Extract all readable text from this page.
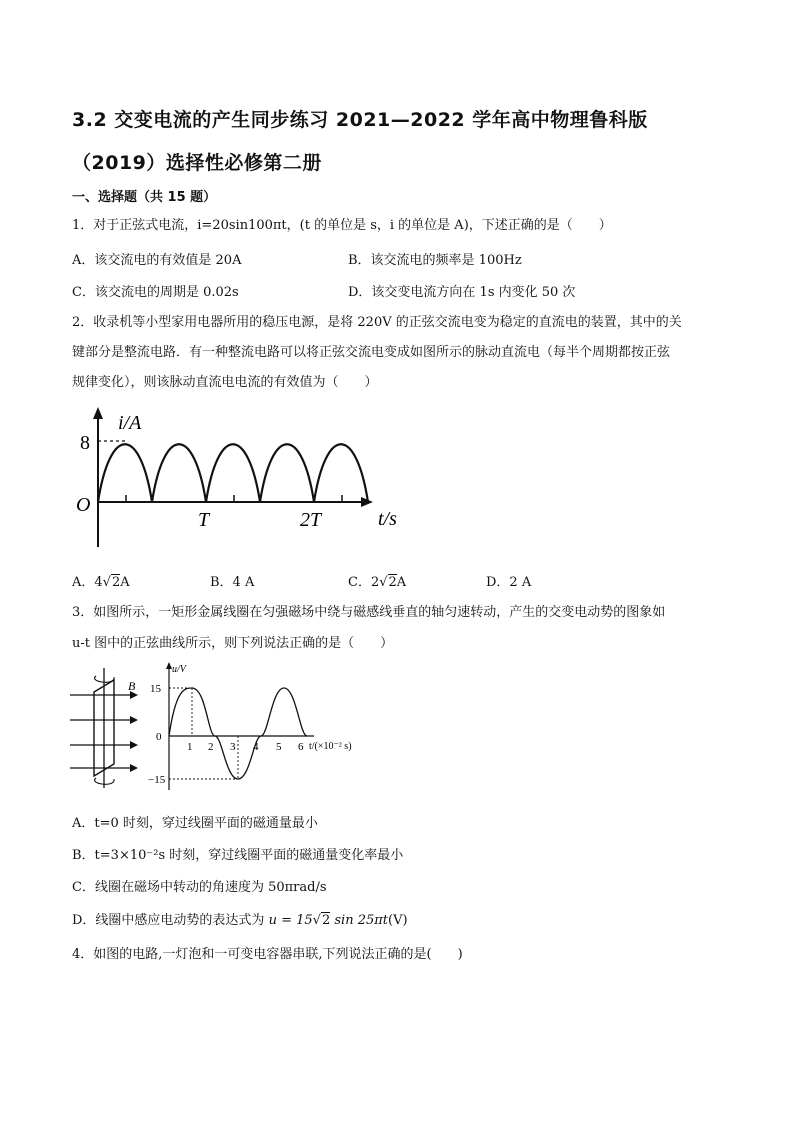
3.2 交变电流的产生同步练习 2021—2022 学年高中物理鲁科版
（2019）选择性必修第二册
一、选择题（共 15 题）
1．对于正弦式电流，i=20sin100πt，(t 的单位是 s，i 的单位是 A)，下述正确的是（　　）
A．该交流电的有效值是 20A	B．该交流电的频率是 100Hz
C．该交流电的周期是 0.02s	D．该交变电流方向在 1s 内变化 50 次
2．收录机等小型家用电器所用的稳压电源，是将 220V 的正弦交流电变为稳定的直流电的装置，其中的关
键部分是整流电路．有一种整流电路可以将正弦交流电变成如图所示的脉动直流电（每半个周期都按正弦
规律变化），则该脉动直流电电流的有效值为（　　）
i/A
8
O
T	2T	t/s
A．4√2A	B．4 A	C．2√2A	D．2 A
3．如图所示，一矩形金属线圈在匀强磁场中绕与磁感线垂直的轴匀速转动，产生的交变电动势的图象如
u-t 图中的正弦曲线所示，则下列说法正确的是（　　）
B
u/V
15
0
−15
1 2 3 4 5 6 t/(×10⁻² s)
A．t=0 时刻，穿过线圈平面的磁通量最小
B．t=3×10⁻²s 时刻，穿过线圈平面的磁通量变化率最小
C．线圈在磁场中转动的角速度为 50πrad/s
D．线圈中感应电动势的表达式为 u = 15√2 sin 25πt(V)
4．如图的电路,一灯泡和一可变电容器串联,下列说法正确的是(　　)
